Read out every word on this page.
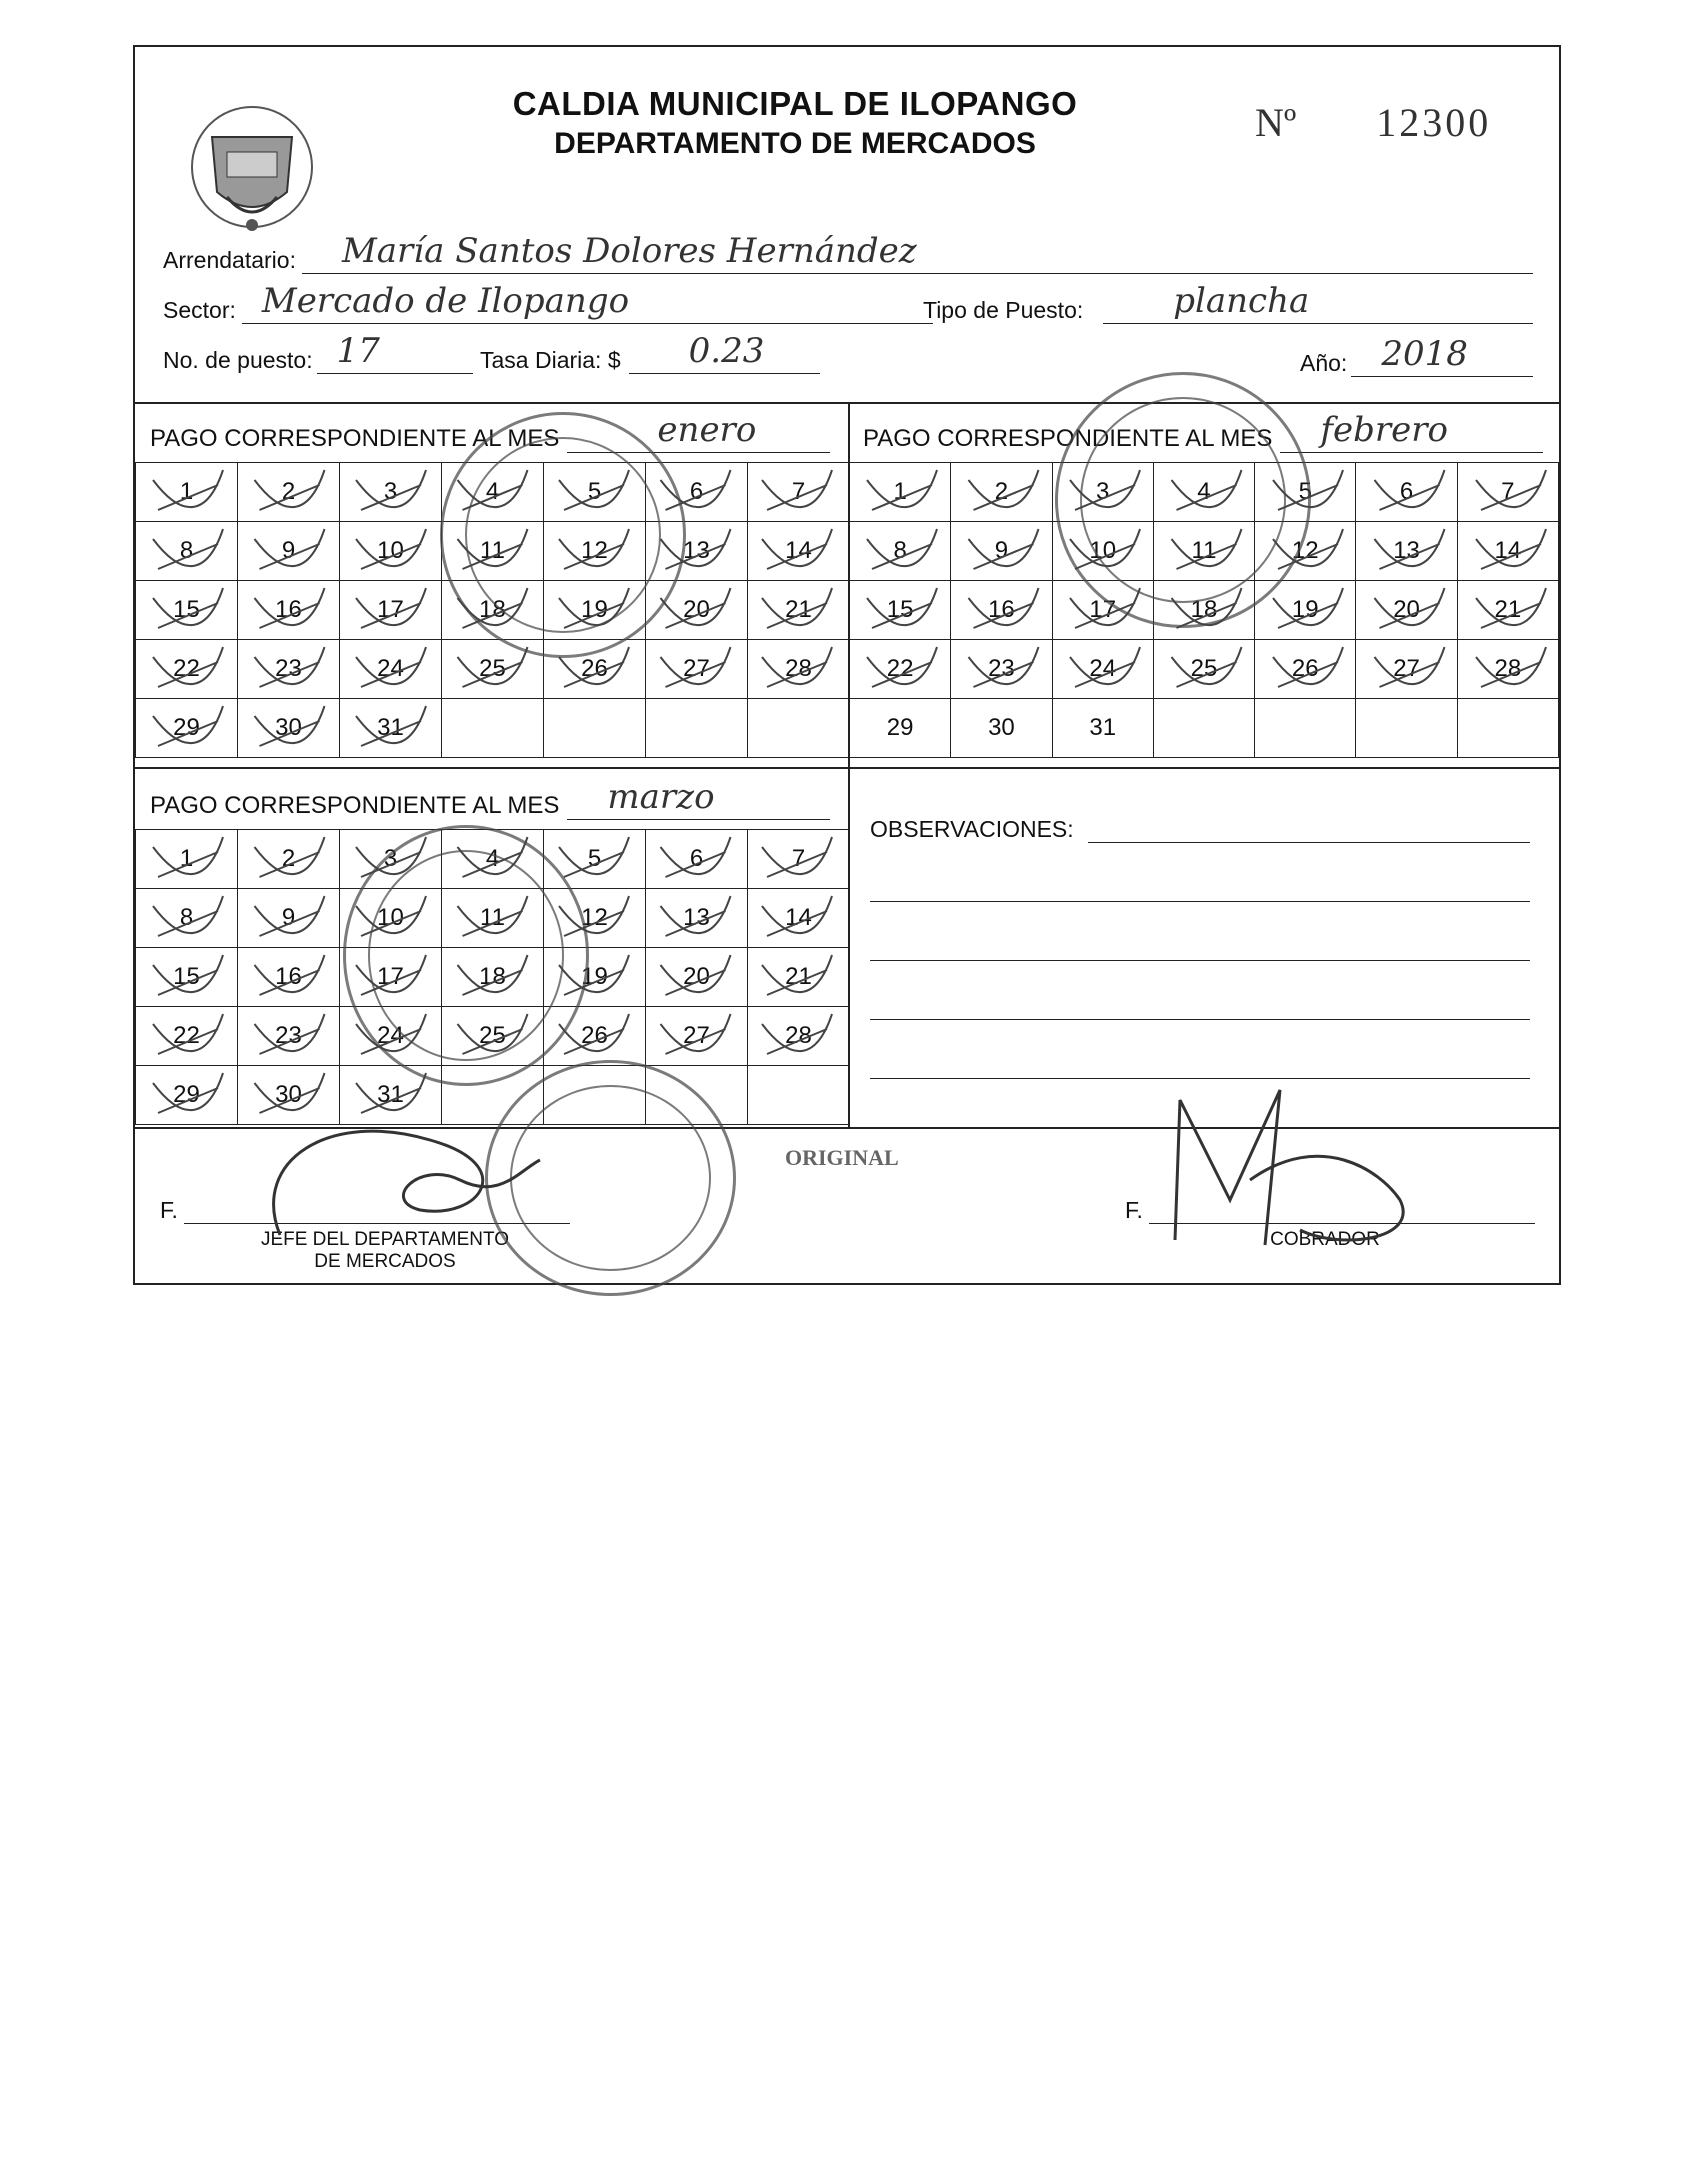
CALDIA MUNICIPAL DE ILOPANGO
DEPARTAMENTO DE MERCADOS	Nº 12300
Arrendatario: María Santos Dolores Hernández
Sector: Mercado de Ilopango	Tipo de Puesto:	plancha
No. de puesto: 17	Tasa Diaria: $ 0.23	Año: 2018
PAGO CORRESPONDIENTE AL MES	enero
1	2	3	4	5	6	7
8	9	10	11	12	13	14
15	16	17	18	19	20	21
22	23	24	25	26	27	28
29	30	31				
PAGO CORRESPONDIENTE AL MES febrero
1	2	3	4	5	6	7
8	9	10	11	12	13	14
15	16	17	18	19	20	21
22	23	24	25	26	27	28
29	30	31				
PAGO CORRESPONDIENTE AL MES marzo
1	2	3	4	5	6	7
8	9	10	11	12	13	14
15	16	17	18	19	20	21
22	23	24	25	26	27	28
29	30	31				
OBSERVACIONES:
ORIGINAL
F.
JEFE DEL DEPARTAMENTO
DE MERCADOS
F.
COBRADOR
